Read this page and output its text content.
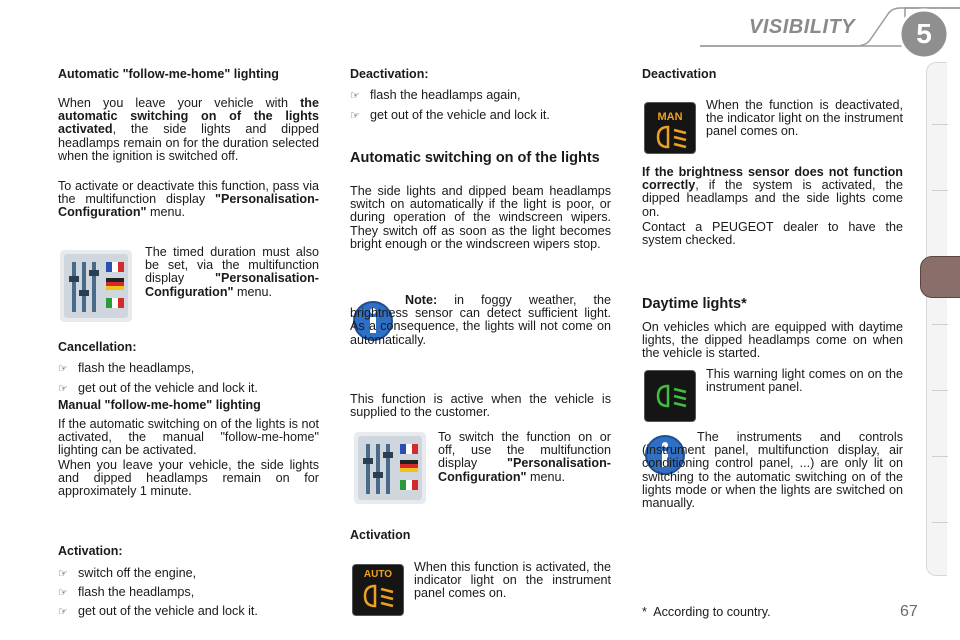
VISIBILITY	5

Automatic "follow-me-home" lighting

When you leave your vehicle with the automatic switching on of the lights activated, the side lights and dipped headlamps remain on for the duration selected when the ignition is switched off.

To activate or deactivate this function, pass via the multifunction display "Personalisation-Configuration" menu.

The timed duration must also be set, via the multifunction display "Personalisation-Configuration" menu.

Cancellation:

☞ flash the headlamps,

☞ get out of the vehicle and lock it.

Manual "follow-me-home" lighting

If the automatic switching on of the lights is not activated, the manual "follow-me-home" lighting can be activated.

When you leave your vehicle, the side lights and dipped headlamps remain on for approximately 1 minute.

Activation:

☞ switch off the engine,

☞ flash the headlamps,

☞ get out of the vehicle and lock it.

Deactivation:

☞ flash the headlamps again,

☞ get out of the vehicle and lock it.

Automatic switching on of the lights

The side lights and dipped beam headlamps switch on automatically if the light is poor, or during operation of the windscreen wipers. They switch off as soon as the light becomes bright enough or the windscreen wipers stop.

Note: in foggy weather, the brightness sensor can detect sufficient light. As a consequence, the lights will not come on automatically.

This function is active when the vehicle is supplied to the customer.

To switch the function on or off, use the multifunction display "Personalisation-Configuration" menu.

Activation

AUTO

When this function is activated, the indicator light on the instrument panel comes on.

Deactivation

MAN

When the function is deactivated, the indicator light on the instrument panel comes on.

If the brightness sensor does not function correctly, if the system is activated, the dipped headlamps and the side lights come on.

Contact a PEUGEOT dealer to have the system checked.

Daytime lights*

On vehicles which are equipped with daytime lights, the dipped headlamps come on when the vehicle is started.

This warning light comes on on the instrument panel.

The instruments and controls (instrument panel, multifunction display, air conditioning control panel, ...) are only lit on switching to the automatic switching on of the lights mode or when the lights are switched on manually.

*  According to country.	67
